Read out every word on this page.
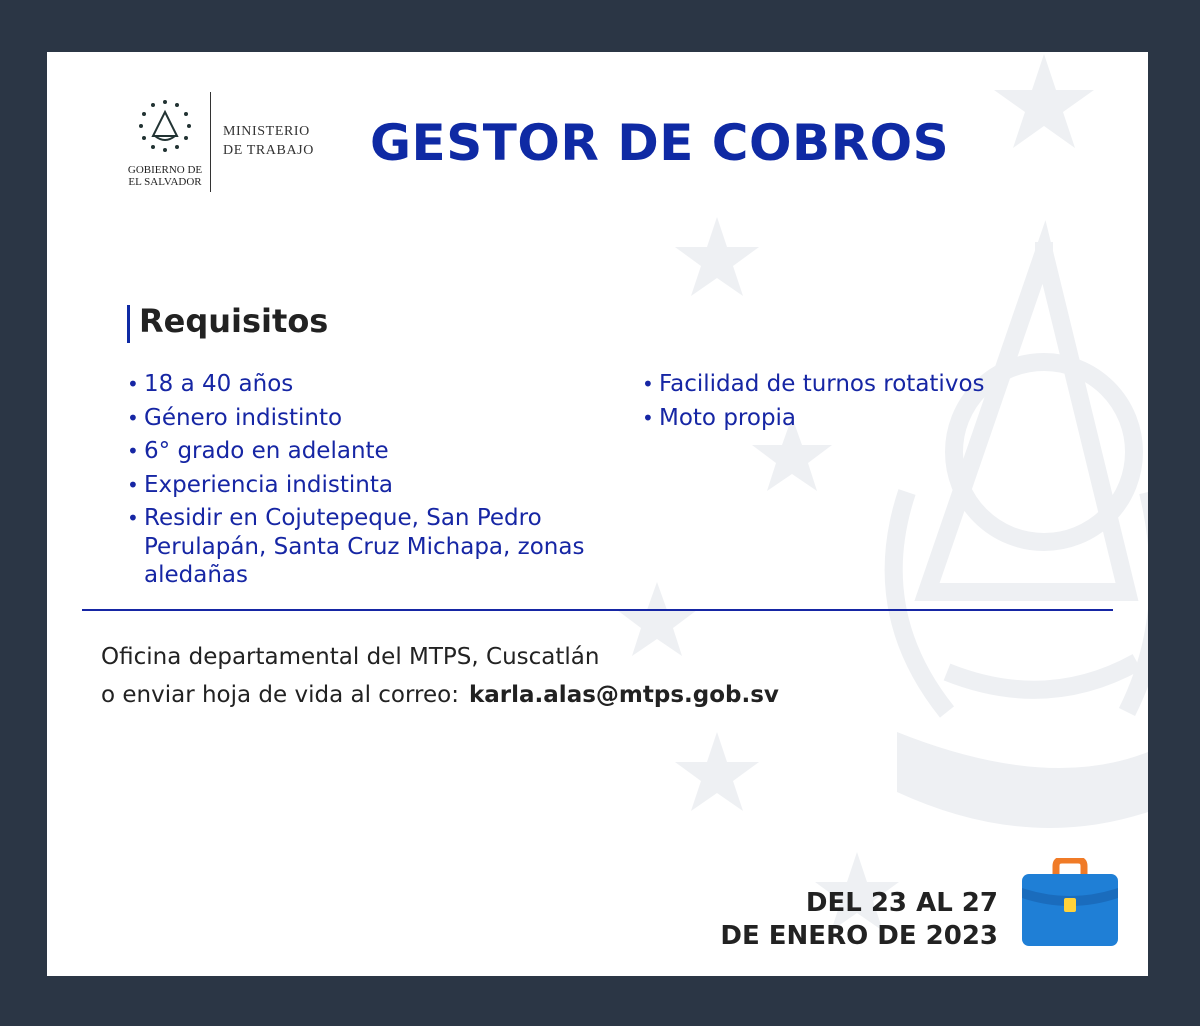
GOBIERNO DE
EL SALVADOR
MINISTERIO
DE TRABAJO	GESTOR DE COBROS
Requisitos
• 18 a 40 años
• Género indistinto
• 6° grado en adelante
• Experiencia indistinta
• Residir en Cojutepeque, San Pedro Perulapán, Santa Cruz Michapa, zonas aledañas
• Facilidad de turnos rotativos
• Moto propia
Oficina departamental del MTPS, Cuscatlán
o enviar hoja de vida al correo: karla.alas@mtps.gob.sv
DEL 23 AL 27
DE ENERO DE 2023
